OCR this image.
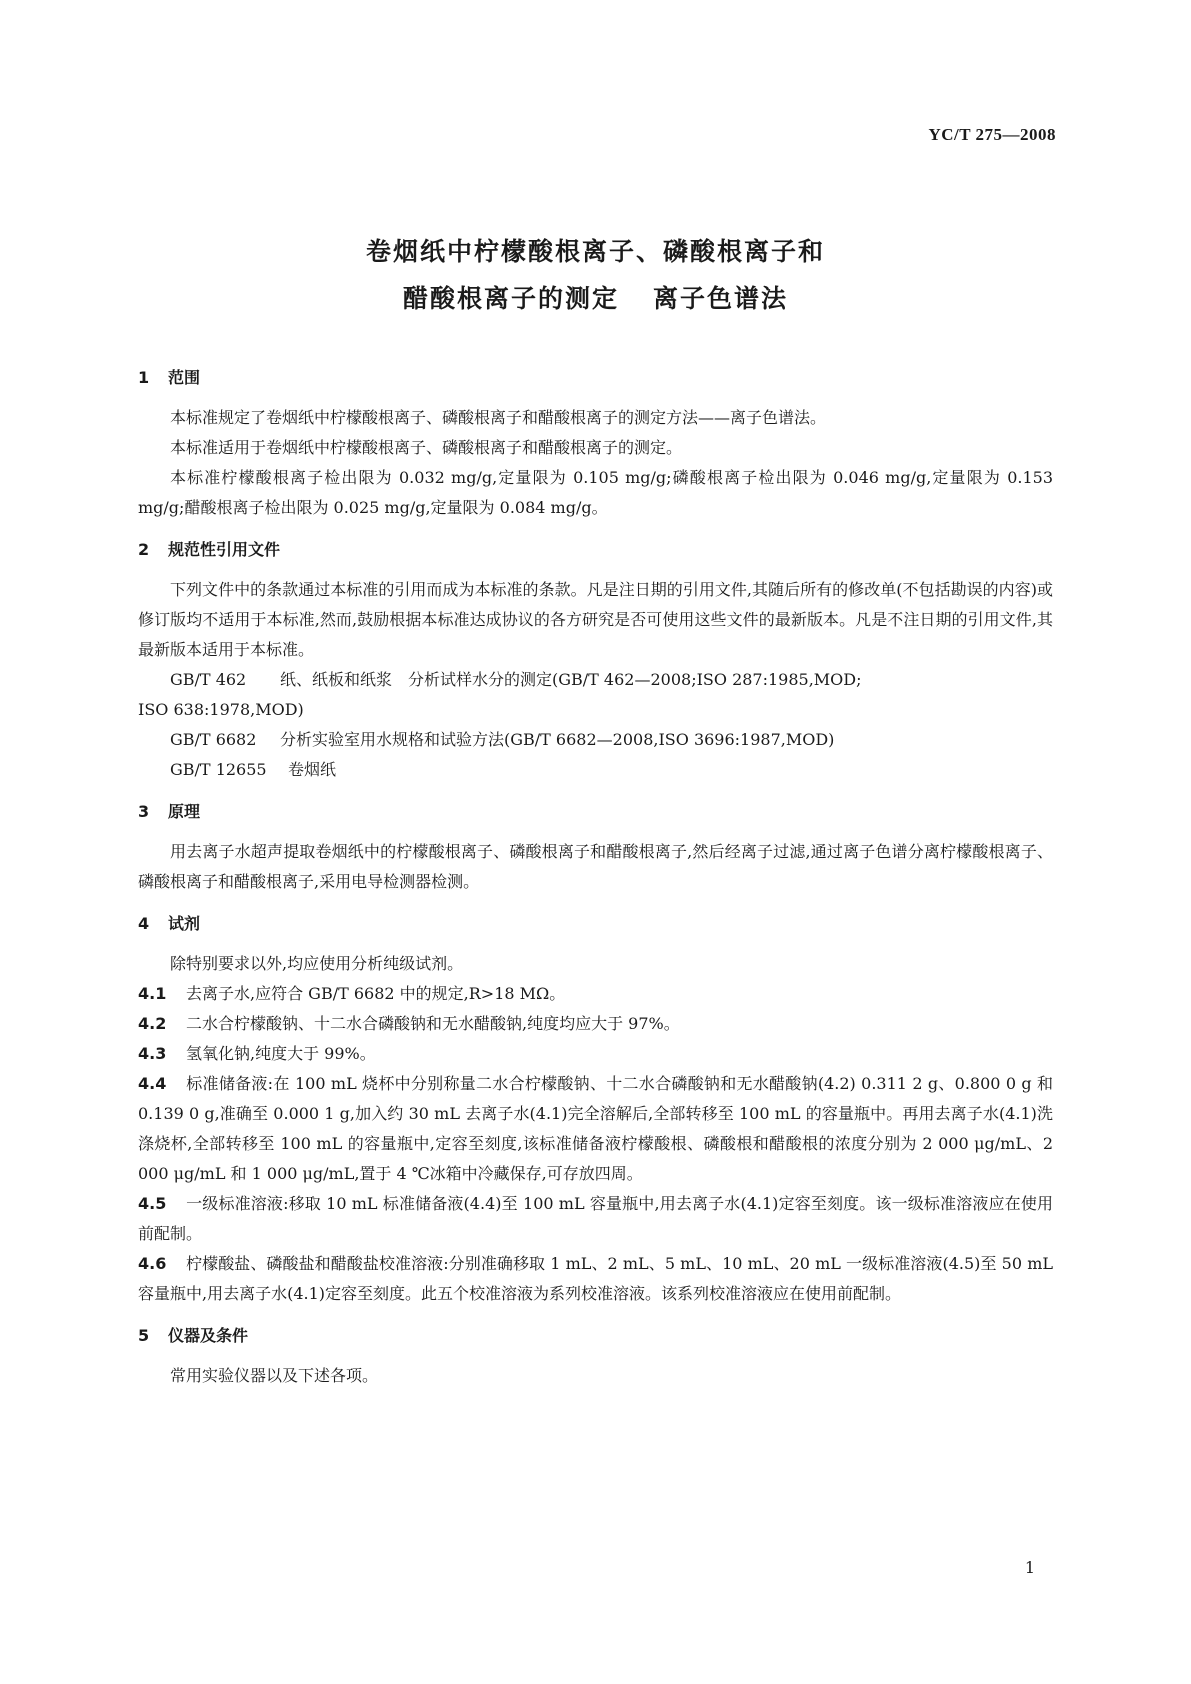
YC/T 275—2008
卷烟纸中柠檬酸根离子、磷酸根离子和
醋酸根离子的测定 离子色谱法
1 范围

本标准规定了卷烟纸中柠檬酸根离子、磷酸根离子和醋酸根离子的测定方法——离子色谱法。

本标准适用于卷烟纸中柠檬酸根离子、磷酸根离子和醋酸根离子的测定。

本标准柠檬酸根离子检出限为 0.032 mg/g,定量限为 0.105 mg/g;磷酸根离子检出限为 0.046 mg/g,定量限为 0.153 mg/g;醋酸根离子检出限为 0.025 mg/g,定量限为 0.084 mg/g。

2 规范性引用文件

下列文件中的条款通过本标准的引用而成为本标准的条款。凡是注日期的引用文件,其随后所有的修改单(不包括勘误的内容)或修订版均不适用于本标准,然而,鼓励根据本标准达成协议的各方研究是否可使用这些文件的最新版本。凡是不注日期的引用文件,其最新版本适用于本标准。

GB/T 462 纸、纸板和纸浆　分析试样水分的测定(GB/T 462—2008;ISO 287:1985,MOD;

ISO 638:1978,MOD)

GB/T 6682 分析实验室用水规格和试验方法(GB/T 6682—2008,ISO 3696:1987,MOD)

GB/T 12655 卷烟纸

3 原理

用去离子水超声提取卷烟纸中的柠檬酸根离子、磷酸根离子和醋酸根离子,然后经离子过滤,通过离子色谱分离柠檬酸根离子、磷酸根离子和醋酸根离子,采用电导检测器检测。

4 试剂

除特别要求以外,均应使用分析纯级试剂。

4.1 去离子水,应符合 GB/T 6682 中的规定,R>18 MΩ。

4.2 二水合柠檬酸钠、十二水合磷酸钠和无水醋酸钠,纯度均应大于 97%。

4.3 氢氧化钠,纯度大于 99%。

4.4 标准储备液:在 100 mL 烧杯中分别称量二水合柠檬酸钠、十二水合磷酸钠和无水醋酸钠(4.2) 0.311 2 g、0.800 0 g 和 0.139 0 g,准确至 0.000 1 g,加入约 30 mL 去离子水(4.1)完全溶解后,全部转移至 100 mL 的容量瓶中。再用去离子水(4.1)洗涤烧杯,全部转移至 100 mL 的容量瓶中,定容至刻度,该标准储备液柠檬酸根、磷酸根和醋酸根的浓度分别为 2 000 μg/mL、2 000 μg/mL 和 1 000 μg/mL,置于 4 ℃冰箱中冷藏保存,可存放四周。

4.5 一级标准溶液:移取 10 mL 标准储备液(4.4)至 100 mL 容量瓶中,用去离子水(4.1)定容至刻度。该一级标准溶液应在使用前配制。

4.6 柠檬酸盐、磷酸盐和醋酸盐校准溶液:分别准确移取 1 mL、2 mL、5 mL、10 mL、20 mL 一级标准溶液(4.5)至 50 mL 容量瓶中,用去离子水(4.1)定容至刻度。此五个校准溶液为系列校准溶液。该系列校准溶液应在使用前配制。

5 仪器及条件

常用实验仪器以及下述各项。

1
